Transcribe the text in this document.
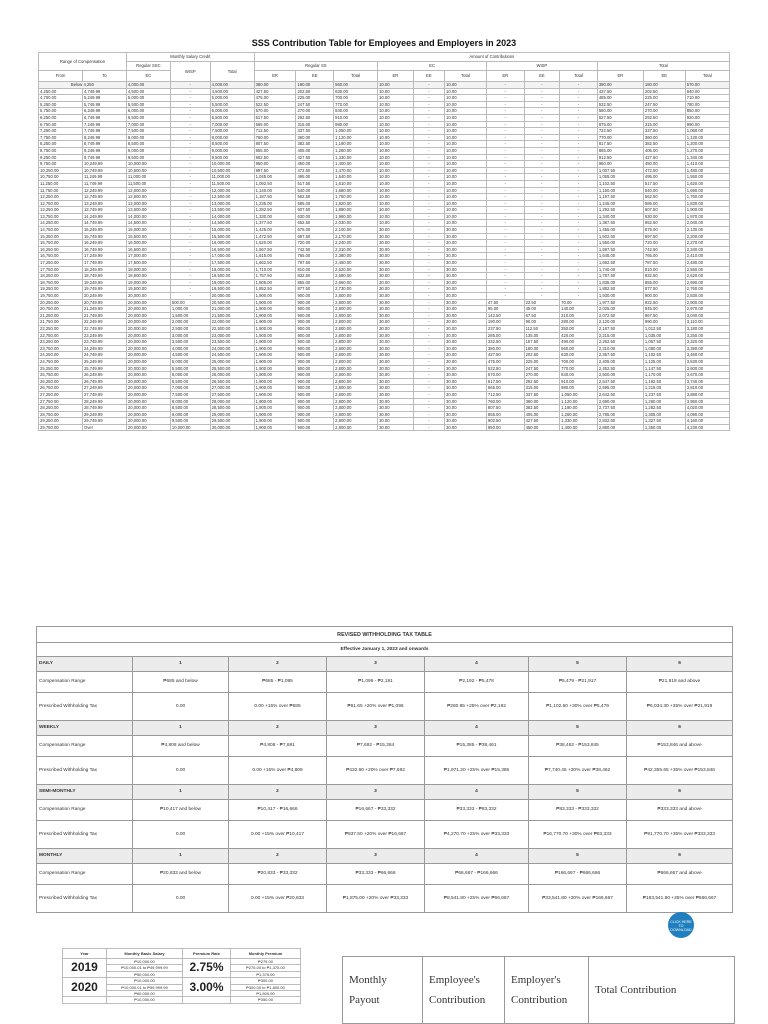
SSS Contribution Table for Employees and Employers in 2023
Range of Compensation		Monthly Salary Credit			Amount of Contributions											
		Regular SSC	WISP	Total	Regular SS			EC			WISP			Total		
From	To	EC			ER	EE	Total	ER	EE	Total	ER	EE	Total	ER	EE	Total
Below 4,250		4,000.00	-	4,000.00	380.00	180.00	560.00	10.00	-	10.00	-	-	-	390.00	180.00	570.00
4,250.00	4,749.99	4,500.00	-	4,500.00	427.50	202.50	630.00	10.00	-	10.00	-	-	-	437.50	202.50	640.00
4,750.00	5,249.99	5,000.00	-	5,000.00	475.00	225.00	700.00	10.00	-	10.00	-	-	-	485.00	225.00	710.00
5,250.00	5,749.99	5,500.00	-	5,500.00	522.50	247.50	770.00	10.00	-	10.00	-	-	-	532.50	247.50	780.00
5,750.00	6,249.99	6,000.00	-	6,000.00	570.00	270.00	840.00	10.00	-	10.00	-	-	-	580.00	270.00	850.00
6,250.00	6,749.99	6,500.00	-	6,500.00	617.50	292.50	910.00	10.00	-	10.00	-	-	-	627.50	292.50	920.00
6,750.00	7,249.99	7,000.00	-	7,000.00	665.00	315.00	980.00	10.00	-	10.00	-	-	-	675.00	315.00	990.00
7,250.00	7,749.99	7,500.00	-	7,500.00	712.50	337.50	1,050.00	10.00	-	10.00	-	-	-	722.50	337.50	1,060.00
7,750.00	8,249.99	8,000.00	-	8,000.00	760.00	360.00	1,120.00	10.00	-	10.00	-	-	-	770.00	360.00	1,130.00
8,250.00	8,749.99	8,500.00	-	8,500.00	807.50	382.50	1,190.00	10.00	-	10.00	-	-	-	817.50	382.50	1,200.00
8,750.00	9,249.99	9,000.00	-	9,000.00	855.00	405.00	1,260.00	10.00	-	10.00	-	-	-	865.00	405.00	1,270.00
9,250.00	9,749.99	9,500.00	-	9,500.00	902.50	427.50	1,330.00	10.00	-	10.00	-	-	-	912.50	427.50	1,340.00
9,750.00	10,249.99	10,000.00	-	10,000.00	950.00	450.00	1,400.00	10.00	-	10.00	-	-	-	960.00	450.00	1,410.00
10,250.00	10,749.99	10,500.00	-	10,500.00	997.50	472.50	1,470.00	10.00	-	10.00	-	-	-	1,007.50	472.50	1,480.00
10,750.00	11,249.99	11,000.00	-	11,000.00	1,045.00	495.00	1,540.00	10.00	-	10.00	-	-	-	1,055.00	495.00	1,550.00
11,250.00	11,749.99	11,500.00	-	11,500.00	1,092.50	517.50	1,610.00	10.00	-	10.00	-	-	-	1,102.50	517.50	1,620.00
11,750.00	12,249.99	12,000.00	-	12,000.00	1,140.00	540.00	1,680.00	10.00	-	10.00	-	-	-	1,150.00	540.00	1,690.00
12,250.00	12,749.99	12,500.00	-	12,500.00	1,187.50	562.50	1,750.00	10.00	-	10.00	-	-	-	1,197.50	562.50	1,760.00
12,750.00	13,249.99	13,000.00	-	13,000.00	1,235.00	585.00	1,820.00	10.00	-	10.00	-	-	-	1,245.00	585.00	1,830.00
13,250.00	13,749.99	13,500.00	-	13,500.00	1,282.50	607.50	1,890.00	10.00	-	10.00	-	-	-	1,292.50	607.50	1,900.00
13,750.00	14,249.99	14,000.00	-	14,000.00	1,330.00	630.00	1,960.00	10.00	-	10.00	-	-	-	1,340.00	630.00	1,970.00
14,250.00	14,749.99	14,500.00	-	14,500.00	1,377.50	652.50	2,030.00	10.00	-	10.00	-	-	-	1,387.50	652.50	2,040.00
14,750.00	15,249.99	15,000.00	-	15,000.00	1,425.00	675.00	2,100.00	30.00	-	30.00	-	-	-	1,455.00	675.00	2,130.00
15,250.00	15,749.99	15,500.00	-	15,500.00	1,472.50	697.50	2,170.00	30.00	-	30.00	-	-	-	1,502.50	697.50	2,200.00
15,750.00	16,249.99	16,000.00	-	16,000.00	1,520.00	720.00	2,240.00	30.00	-	30.00	-	-	-	1,550.00	720.00	2,270.00
16,250.00	16,749.99	16,500.00	-	16,500.00	1,567.50	742.50	2,310.00	30.00	-	30.00	-	-	-	1,597.50	742.50	2,340.00
16,750.00	17,249.99	17,000.00	-	17,000.00	1,615.00	765.00	2,380.00	30.00	-	30.00	-	-	-	1,645.00	765.00	2,410.00
17,250.00	17,749.99	17,500.00	-	17,500.00	1,662.50	787.50	2,450.00	30.00	-	30.00	-	-	-	1,692.50	787.50	2,480.00
17,750.00	18,249.99	18,000.00	-	18,000.00	1,710.00	810.00	2,520.00	30.00	-	30.00	-	-	-	1,740.00	810.00	2,550.00
18,250.00	18,749.99	18,500.00	-	18,500.00	1,757.50	832.50	2,590.00	30.00	-	30.00	-	-	-	1,787.50	832.50	2,620.00
18,750.00	19,249.99	19,000.00	-	19,000.00	1,805.00	855.00	2,660.00	30.00	-	30.00	-	-	-	1,835.00	855.00	2,690.00
19,250.00	19,749.99	19,500.00	-	19,500.00	1,852.50	877.50	2,730.00	30.00	-	30.00	-	-	-	1,882.50	877.50	2,760.00
19,750.00	20,249.99	20,000.00	-	20,000.00	1,900.00	900.00	2,800.00	30.00	-	30.00	-	-	-	1,930.00	900.00	2,830.00
20,250.00	20,749.99	20,000.00	500.00	20,500.00	1,900.00	900.00	2,800.00	30.00	-	30.00	47.50	22.50	70.00	1,977.50	922.50	2,900.00
20,750.00	21,249.99	20,000.00	1,000.00	21,000.00	1,900.00	900.00	2,800.00	30.00	-	30.00	95.00	45.00	140.00	2,025.00	945.00	2,970.00
21,250.00	21,749.99	20,000.00	1,500.00	21,500.00	1,900.00	900.00	2,800.00	30.00	-	30.00	142.50	67.50	210.00	2,072.50	967.50	3,040.00
21,750.00	22,249.99	20,000.00	2,000.00	22,000.00	1,900.00	900.00	2,800.00	30.00	-	30.00	190.00	90.00	280.00	2,120.00	990.00	3,110.00
22,250.00	22,749.99	20,000.00	2,500.00	22,500.00	1,900.00	900.00	2,800.00	30.00	-	30.00	237.50	112.50	350.00	2,167.50	1,012.50	3,180.00
22,750.00	23,249.99	20,000.00	3,000.00	23,000.00	1,900.00	900.00	2,800.00	30.00	-	30.00	285.00	135.00	420.00	2,215.00	1,035.00	3,250.00
23,250.00	23,749.99	20,000.00	3,500.00	23,500.00	1,900.00	900.00	2,800.00	30.00	-	30.00	332.50	157.50	490.00	2,262.50	1,057.50	3,320.00
23,750.00	24,249.99	20,000.00	4,000.00	24,000.00	1,900.00	900.00	2,800.00	30.00	-	30.00	380.00	180.00	560.00	2,310.00	1,080.00	3,390.00
24,250.00	24,749.99	20,000.00	4,500.00	24,500.00	1,900.00	900.00	2,800.00	30.00	-	30.00	427.50	202.50	630.00	2,357.50	1,102.50	3,460.00
24,750.00	25,249.99	20,000.00	5,000.00	25,000.00	1,900.00	900.00	2,800.00	30.00	-	30.00	475.00	225.00	700.00	2,405.00	1,125.00	3,530.00
25,250.00	25,749.99	20,000.00	5,500.00	25,500.00	1,900.00	900.00	2,800.00	30.00	-	30.00	522.50	247.50	770.00	2,452.50	1,147.50	3,600.00
25,750.00	26,249.99	20,000.00	6,000.00	26,000.00	1,900.00	900.00	2,800.00	30.00	-	30.00	570.00	270.00	840.00	2,500.00	1,170.00	3,670.00
26,250.00	26,749.99	20,000.00	6,500.00	26,500.00	1,900.00	900.00	2,800.00	30.00	-	30.00	617.50	292.50	910.00	2,547.50	1,192.50	3,740.00
26,750.00	27,249.99	20,000.00	7,000.00	27,000.00	1,900.00	900.00	2,800.00	30.00	-	30.00	665.00	315.00	980.00	2,595.00	1,215.00	3,810.00
27,250.00	27,749.99	20,000.00	7,500.00	27,500.00	1,900.00	900.00	2,800.00	30.00	-	30.00	712.50	337.50	1,050.00	2,642.50	1,237.50	3,880.00
27,750.00	28,249.99	20,000.00	8,000.00	28,000.00	1,900.00	900.00	2,800.00	30.00	-	30.00	760.00	360.00	1,120.00	2,690.00	1,260.00	3,950.00
28,250.00	28,749.99	20,000.00	8,500.00	28,500.00	1,900.00	900.00	2,800.00	30.00	-	30.00	807.50	382.50	1,190.00	2,737.50	1,282.50	4,020.00
28,750.00	29,249.99	20,000.00	9,000.00	29,000.00	1,900.00	900.00	2,800.00	30.00	-	30.00	855.00	405.00	1,260.00	2,785.00	1,305.00	4,090.00
29,250.00	29,749.99	20,000.00	9,500.00	29,500.00	1,900.00	900.00	2,800.00	30.00	-	30.00	902.50	427.50	1,330.00	2,832.50	1,327.50	4,160.00
29,750.00	Over	20,000.00	10,000.00	30,000.00	1,900.00	900.00	2,800.00	30.00	-	30.00	950.00	450.00	1,400.00	2,880.00	1,350.00	4,230.00
REVISED WITHHOLDING TAX TABLE						
Effective January 1, 2023 and onwards						
DAILY	1	2	3	4	5	6
Compensation Range	₱685 and below	₱685 - ₱1,095	₱1,096 - ₱2,191	₱2,192 - ₱5,478	₱5,479 - ₱21,917	₱21,918 and above
Prescribed Withholding Tax	0.00	0.00 +15% over ₱685	₱61.65 +20% over ₱1,096	₱280.85 +25% over ₱2,192	₱1,102.60 +30% over ₱5,479	₱6,034.30 +35% over ₱21,918
WEEKLY	1	2	3	4	5	6
Compensation Range	₱4,808 and below	₱4,808 - ₱7,691	₱7,692 - ₱15,384	₱15,385 - ₱38,461	₱38,462 - ₱153,845	₱153,846 and above
Prescribed Withholding Tax	0.00	0.00 +15% over ₱4,808	₱432.60 +20% over ₱7,692	₱1,971.20 +25% over ₱15,385	₱7,740.45 +30% over ₱38,462	₱42,355.65 +35% over ₱153,846
SEMI-MONTHLY	1	2	3	4	5	6
Compensation Range	₱10,417 and below	₱10,417 - ₱16,666	₱16,667 - ₱33,332	₱33,333 - ₱83,332	₱83,333 - ₱333,332	₱333,333 and above
Prescribed Withholding Tax	0.00	0.00 +15% over ₱10,417	₱937.50 +20% over ₱16,667	₱4,270.70 +25% over ₱33,333	₱16,770.70 +30% over ₱83,333	₱91,770.70 +35% over ₱333,333
MONTHLY	1	2	3	4	5	6
Compensation Range	₱20,833 and below	₱20,833 - ₱33,332	₱33,333 - ₱66,666	₱66,667 - ₱166,666	₱166,667 - ₱666,666	₱666,667 and above
Prescribed Withholding Tax	0.00	0.00 +15% over ₱20,833	₱1,875.00 +20% over ₱33,333	₱8,541.80 +25% over ₱66,667	₱33,541.80 +30% over ₱166,667	₱183,541.80 +35% over ₱666,667
CLICK HERE TO DOWNLOAD
Year	Monthly Basic Salary	Premium Rate	Monthly Premium
2019	₱10,000.00	2.75%	₱275.00
	₱10,000.01 to ₱49,999.99		₱275.00 to ₱1,375.00
	₱50,000.00		₱1,375.00
2020	₱10,000.00	3.00%	₱300.00
	₱10,000.01 to ₱59,999.99		₱300.00 to ₱1,800.00
	₱60,000.00		₱1,800.00
	₱10,000.00		₱350.00
Monthly Payout	Employee's Contribution	Employer's Contribution	Total Contribution
